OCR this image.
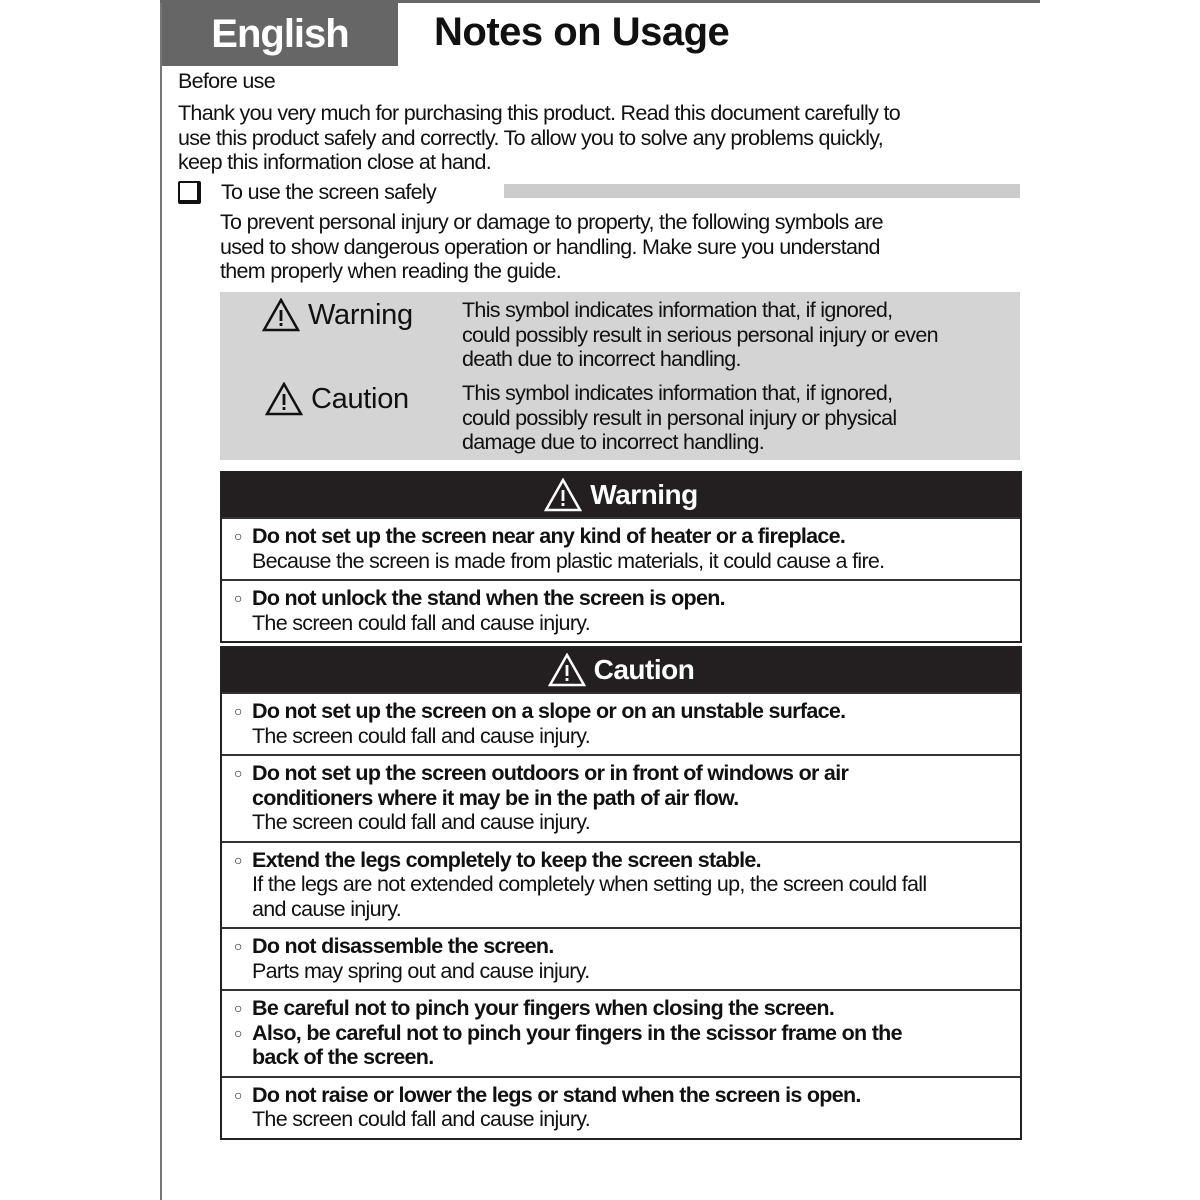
English	Notes on Usage
Before use
Thank you very much for purchasing this product. Read this document carefully to
use this product safely and correctly. To allow you to solve any problems quickly,
keep this information close at hand.
To use the screen safely
To prevent personal injury or damage to property, the following symbols are
used to show dangerous operation or handling. Make sure you understand
them properly when reading the guide.
Warning This symbol indicates information that, if ignored,
could possibly result in serious personal injury or even
death due to incorrect handling.
Caution This symbol indicates information that, if ignored,
could possibly result in personal injury or physical
damage due to incorrect handling.
Warning
○ Do not set up the screen near any kind of heater or a fireplace.
Because the screen is made from plastic materials, it could cause a fire.
○ Do not unlock the stand when the screen is open.
The screen could fall and cause injury.
Caution
○ Do not set up the screen on a slope or on an unstable surface.
The screen could fall and cause injury.
○ Do not set up the screen outdoors or in front of windows or air
conditioners where it may be in the path of air flow.
The screen could fall and cause injury.
○ Extend the legs completely to keep the screen stable.
If the legs are not extended completely when setting up, the screen could fall
and cause injury.
○ Do not disassemble the screen.
Parts may spring out and cause injury.
○ Be careful not to pinch your fingers when closing the screen.
○ Also, be careful not to pinch your fingers in the scissor frame on the
back of the screen.
○ Do not raise or lower the legs or stand when the screen is open.
The screen could fall and cause injury.
